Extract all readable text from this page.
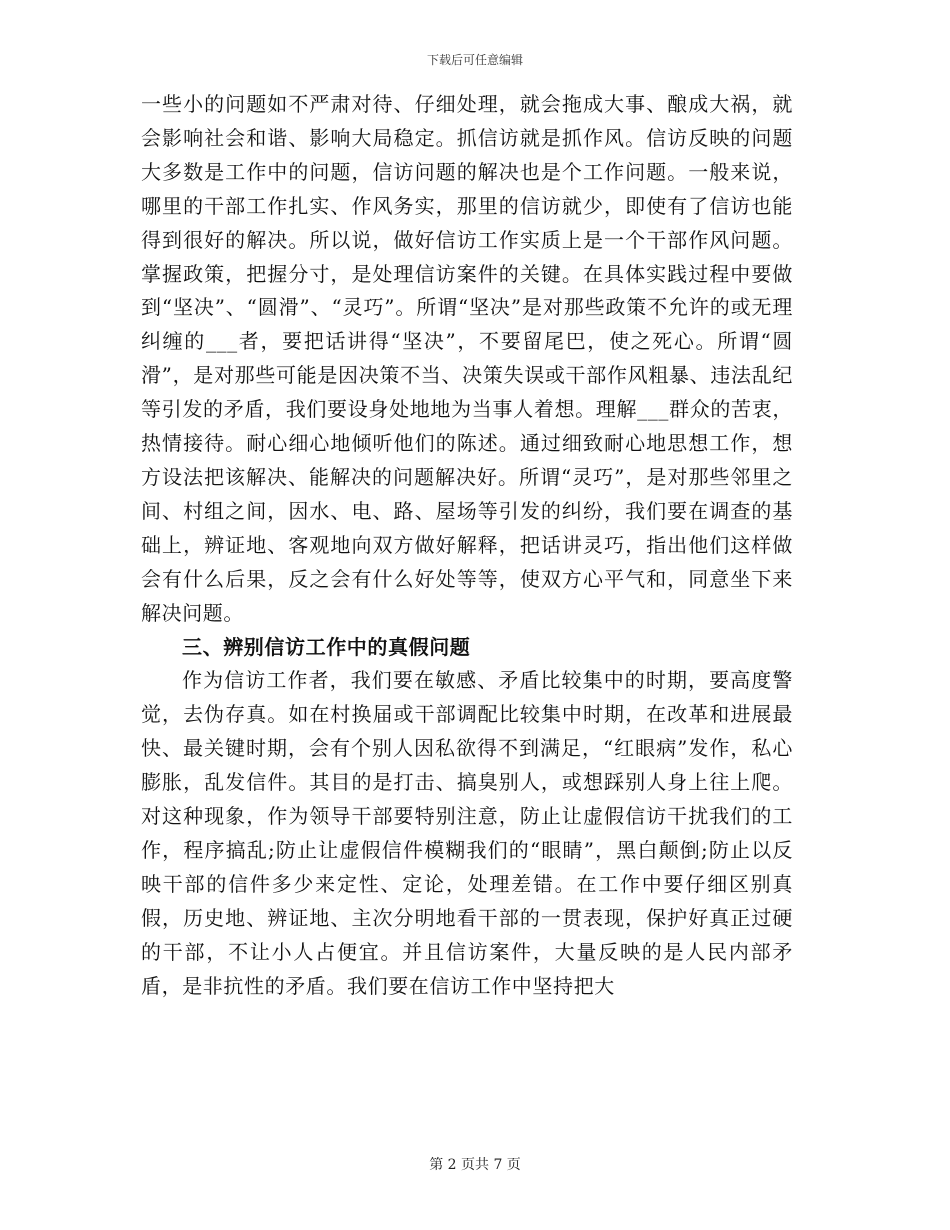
下载后可任意编辑

一些小的问题如不严肃对待、仔细处理，就会拖成大事、酿成大祸，就会影响社会和谐、影响大局稳定。抓信访就是抓作风。信访反映的问题大多数是工作中的问题，信访问题的解决也是个工作问题。一般来说，哪里的干部工作扎实、作风务实，那里的信访就少，即使有了信访也能得到很好的解决。所以说，做好信访工作实质上是一个干部作风问题。掌握政策，把握分寸，是处理信访案件的关键。在具体实践过程中要做到“坚决”、“圆滑”、“灵巧”。所谓“坚决”是对那些政策不允许的或无理纠缠的___者，要把话讲得“坚决”，不要留尾巴，使之死心。所谓“圆滑”，是对那些可能是因决策不当、决策失误或干部作风粗暴、违法乱纪等引发的矛盾，我们要设身处地地为当事人着想。理解___群众的苦衷，热情接待。耐心细心地倾听他们的陈述。通过细致耐心地思想工作，想方设法把该解决、能解决的问题解决好。所谓“灵巧”，是对那些邻里之间、村组之间，因水、电、路、屋场等引发的纠纷，我们要在调查的基础上，辨证地、客观地向双方做好解释，把话讲灵巧，指出他们这样做会有什么后果，反之会有什么好处等等，使双方心平气和，同意坐下来解决问题。

三、辨别信访工作中的真假问题

作为信访工作者，我们要在敏感、矛盾比较集中的时期，要高度警觉，去伪存真。如在村换届或干部调配比较集中时期，在改革和进展最快、最关键时期，会有个别人因私欲得不到满足，“红眼病”发作，私心膨胀，乱发信件。其目的是打击、搞臭别人，或想踩别人身上往上爬。对这种现象，作为领导干部要特别注意，防止让虚假信访干扰我们的工作，程序搞乱;防止让虚假信件模糊我们的“眼睛”，黑白颠倒;防止以反映干部的信件多少来定性、定论，处理差错。在工作中要仔细区别真假，历史地、辨证地、主次分明地看干部的一贯表现，保护好真正过硬的干部，不让小人占便宜。并且信访案件，大量反映的是人民内部矛盾，是非抗性的矛盾。我们要在信访工作中坚持把大

第 2 页共 7 页
